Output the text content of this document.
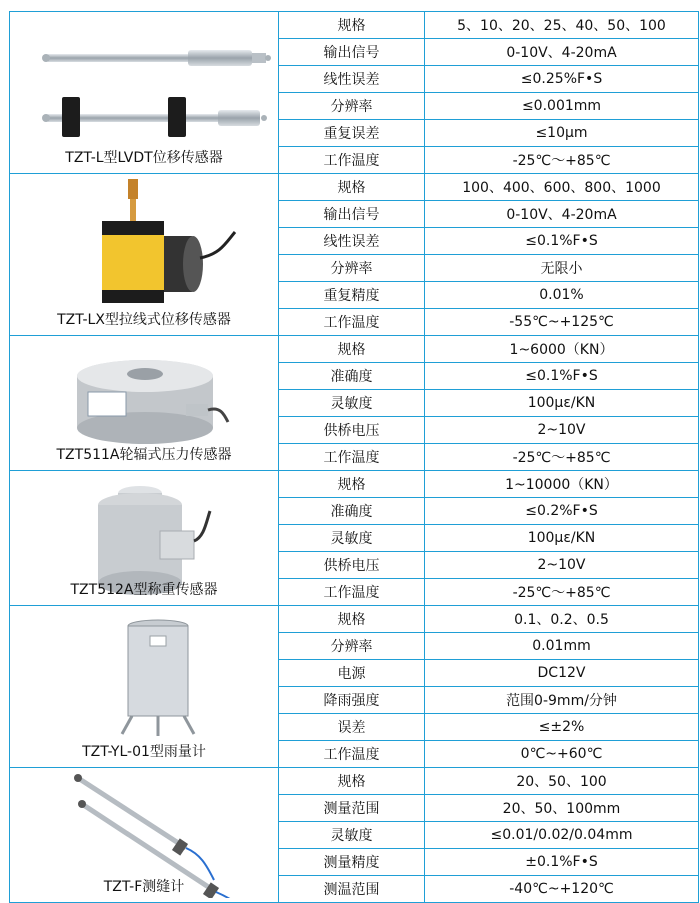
TZT-L型LVDT位移传感器	规格	5、10、20、25、40、50、100
	输出信号	0-10V、4-20mA
	线性误差	≤0.25%F•S
	分辨率	≤0.001mm
	重复误差	≤10μm
	工作温度	-25℃～+85℃

TZT-LX型拉线式位移传感器	规格	100、400、600、800、1000
	输出信号	0-10V、4-20mA
	线性误差	≤0.1%F•S
	分辨率	无限小
	重复精度	0.01%
	工作温度	-55℃~+125℃

TZT511A轮辐式压力传感器	规格	1~6000（KN）
	准确度	≤0.1%F•S
	灵敏度	100με/KN
	供桥电压	2~10V
	工作温度	-25℃～+85℃

TZT512A型称重传感器	规格	1~10000（KN）
	准确度	≤0.2%F•S
	灵敏度	100με/KN
	供桥电压	2~10V
	工作温度	-25℃～+85℃

TZT-YL-01型雨量计	规格	0.1、0.2、0.5
	分辨率	0.01mm
	电源	DC12V
	降雨强度	范围0-9mm/分钟
	误差	≤±2%
	工作温度	0℃~+60℃

TZT-F测缝计	规格	20、50、100
	测量范围	20、50、100mm
	灵敏度	≤0.01/0.02/0.04mm
	测量精度	±0.1%F•S
	测温范围	-40℃~+120℃
